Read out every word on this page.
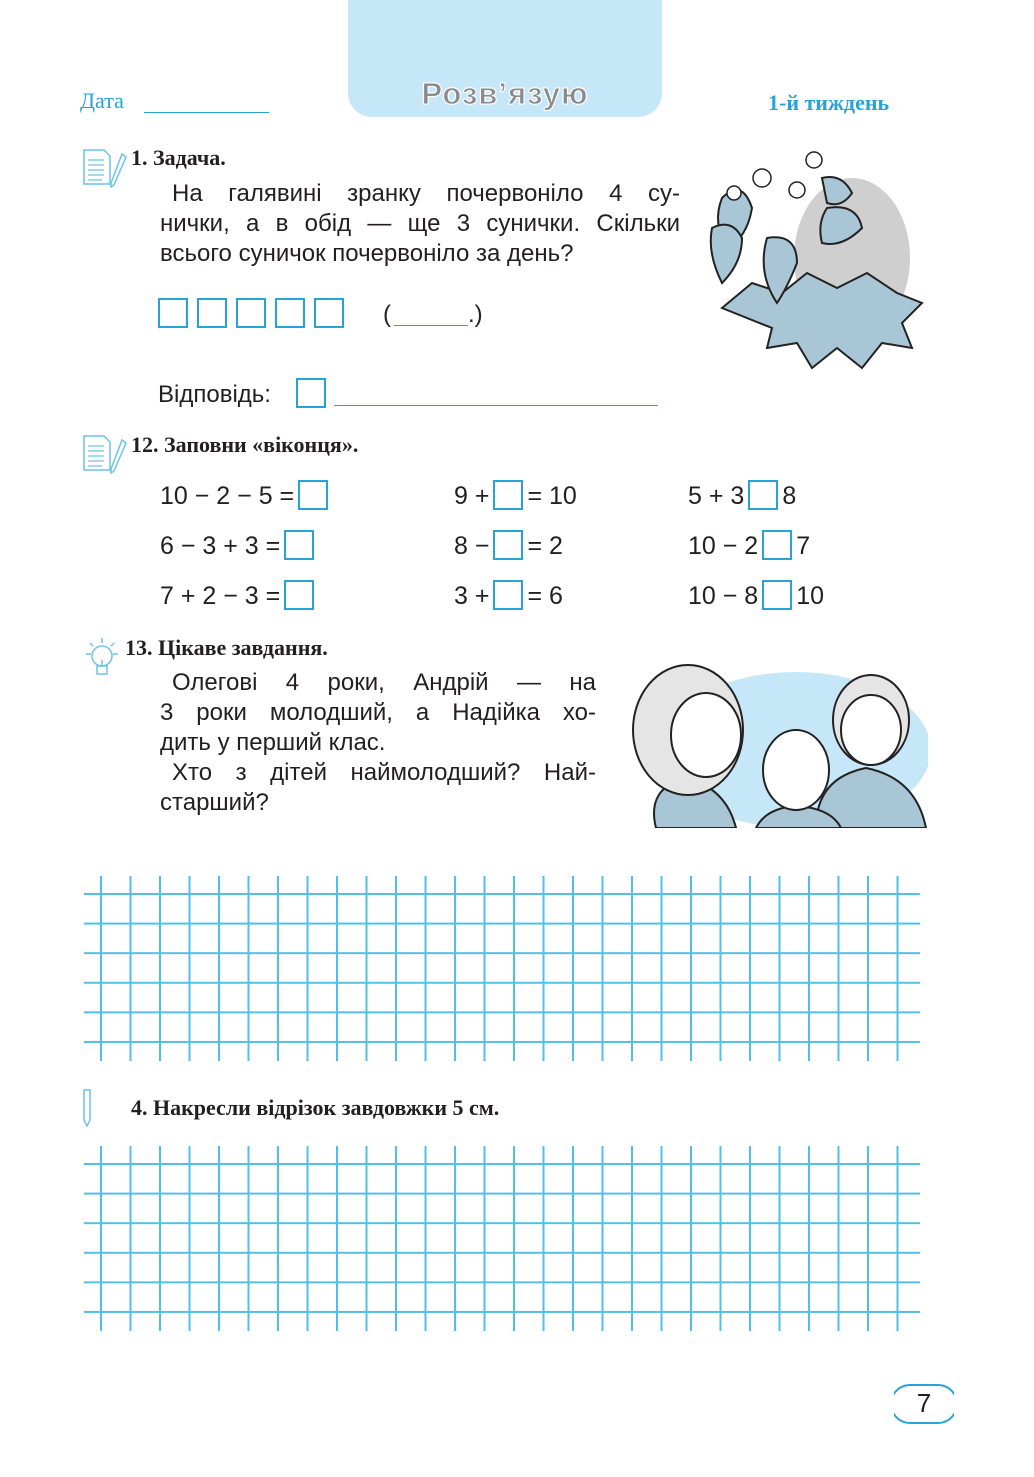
Розв’язую
Дата	1-й тиждень
1. Задача.
На галявині зранку почервоніло 4 су-
нички, а в обід — ще 3 сунички. Скільки
всього суничок почервоніло за день?
(	.)
Відповідь:
12. Заповни «віконця».
10 − 2 − 5 =	9 + = 10	5 + 3 8
6 − 3 + 3 =	8 − = 2	10 − 2 7
7 + 2 − 3 =	3 + = 6	10 − 8 10
13. Цікаве завдання.
Олегові 4 роки, Андрій — на
3 роки молодший, а Надійка хо-
дить у перший клас.
Хто з дітей наймолодший? Най-
старший?
4. Накресли відрізок завдовжки 5 см.
7
